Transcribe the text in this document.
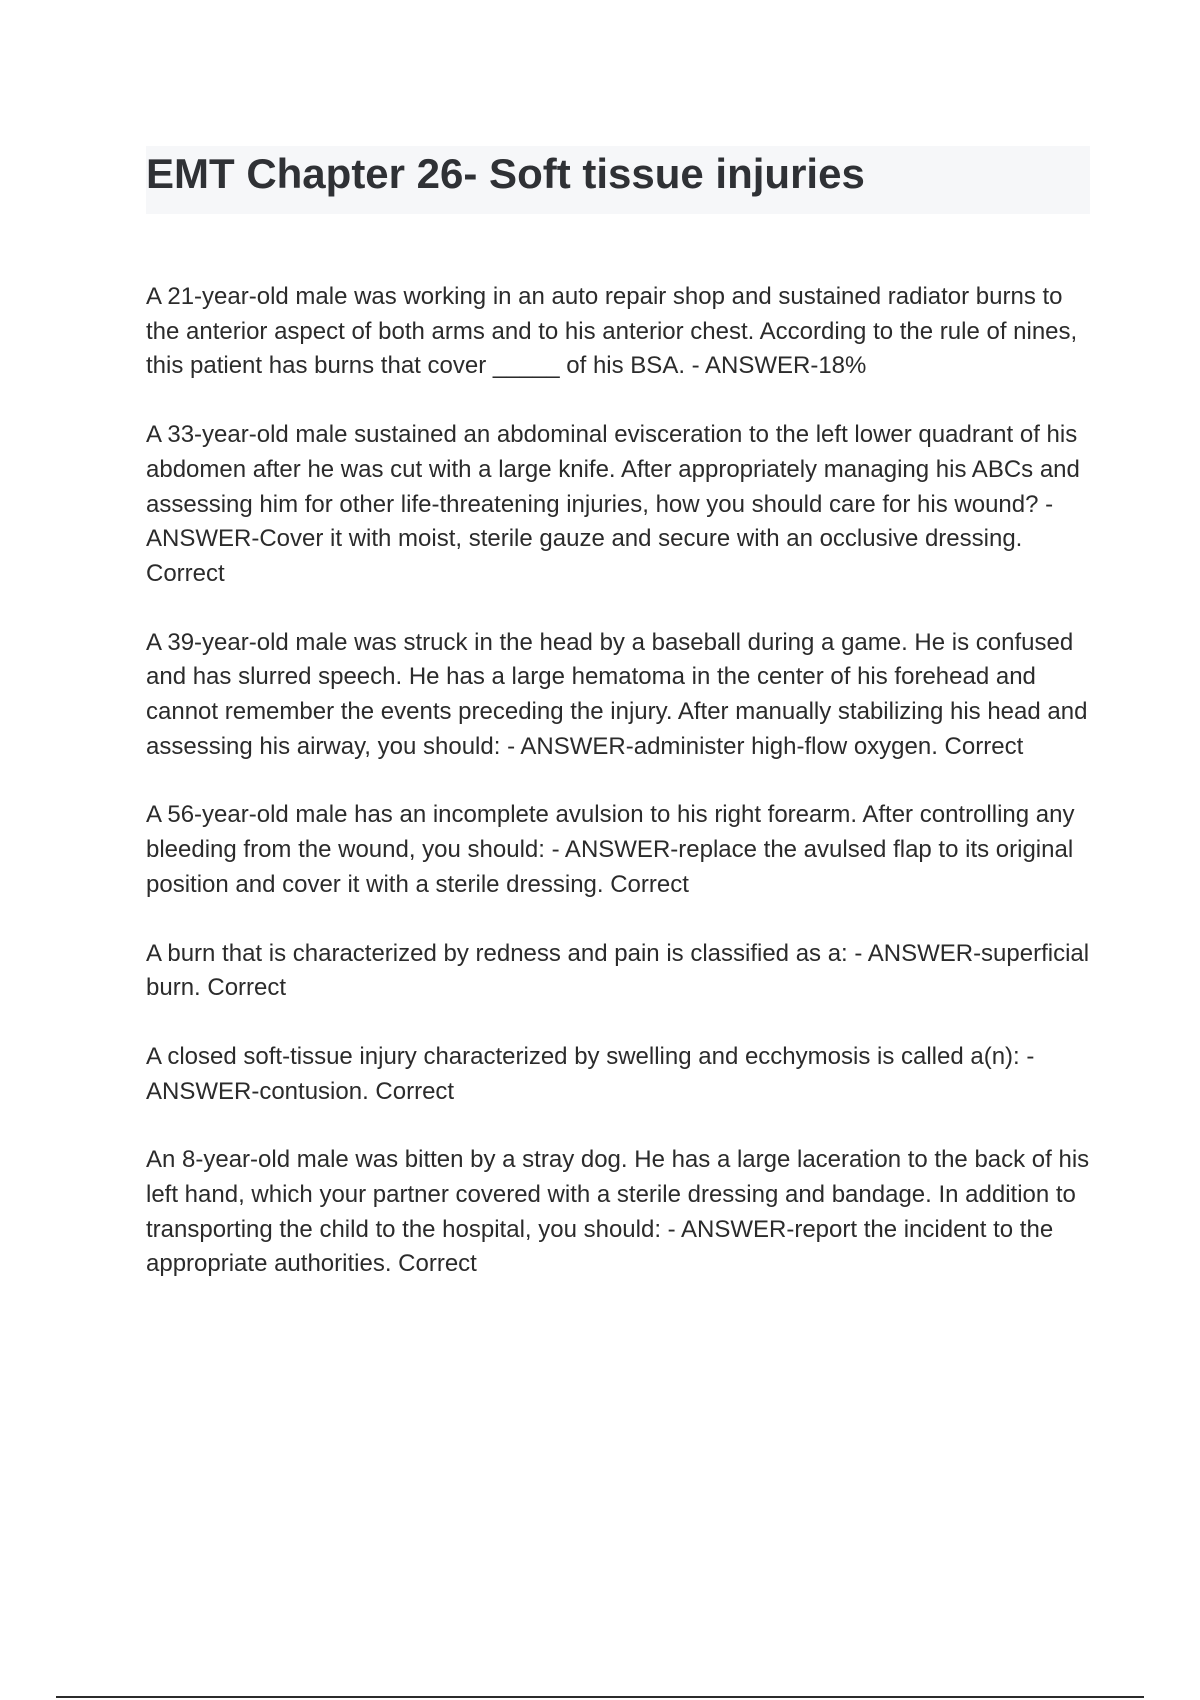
EMT Chapter 26- Soft tissue injuries

A 21-year-old male was working in an auto repair shop and sustained radiator burns to the anterior aspect of both arms and to his anterior chest. According to the rule of nines, this patient has burns that cover _____ of his BSA. - ANSWER-18%

A 33-year-old male sustained an abdominal evisceration to the left lower quadrant of his abdomen after he was cut with a large knife. After appropriately managing his ABCs and assessing him for other life-threatening injuries, how you should care for his wound? - ANSWER-Cover it with moist, sterile gauze and secure with an occlusive dressing. Correct

A 39-year-old male was struck in the head by a baseball during a game. He is confused and has slurred speech. He has a large hematoma in the center of his forehead and cannot remember the events preceding the injury. After manually stabilizing his head and assessing his airway, you should: - ANSWER-administer high-flow oxygen. Correct

A 56-year-old male has an incomplete avulsion to his right forearm. After controlling any bleeding from the wound, you should: - ANSWER-replace the avulsed flap to its original position and cover it with a sterile dressing. Correct

A burn that is characterized by redness and pain is classified as a: - ANSWER-superficial burn. Correct

A closed soft-tissue injury characterized by swelling and ecchymosis is called a(n): - ANSWER-contusion. Correct

An 8-year-old male was bitten by a stray dog. He has a large laceration to the back of his left hand, which your partner covered with a sterile dressing and bandage. In addition to transporting the child to the hospital, you should: - ANSWER-report the incident to the appropriate authorities. Correct
